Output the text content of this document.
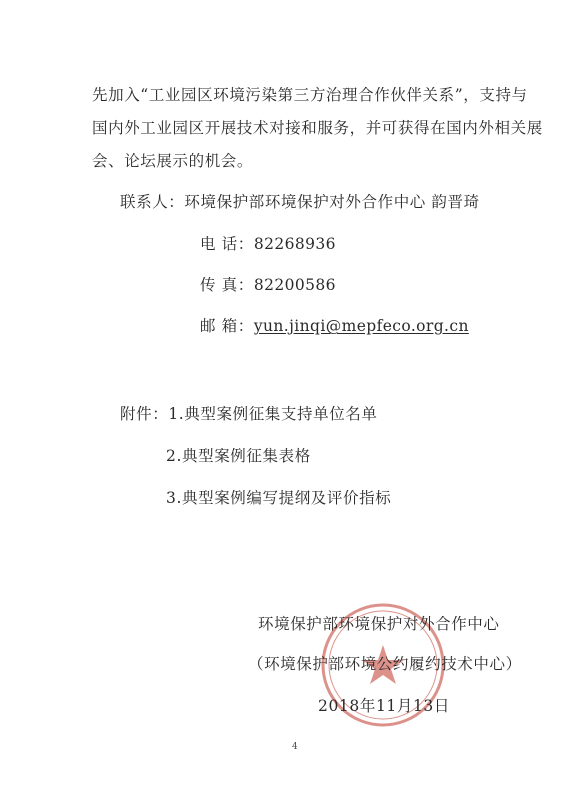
先加入“工业园区环境污染第三方治理合作伙伴关系”，支持与
国内外工业园区开展技术对接和服务，并可获得在国内外相关展
会、论坛展示的机会。
联系人：环境保护部环境保护对外合作中心 韵晋琦
电 话：82268936
传 真：82200586
邮 箱：yun.jinqi@mepfeco.org.cn
附件：1.典型案例征集支持单位名单
2.典型案例征集表格
3.典型案例编写提纲及评价指标
环境保护部环境保护对外合作中心
（环境保护部环境公约履约技术中心）
2018年11月13日
4
